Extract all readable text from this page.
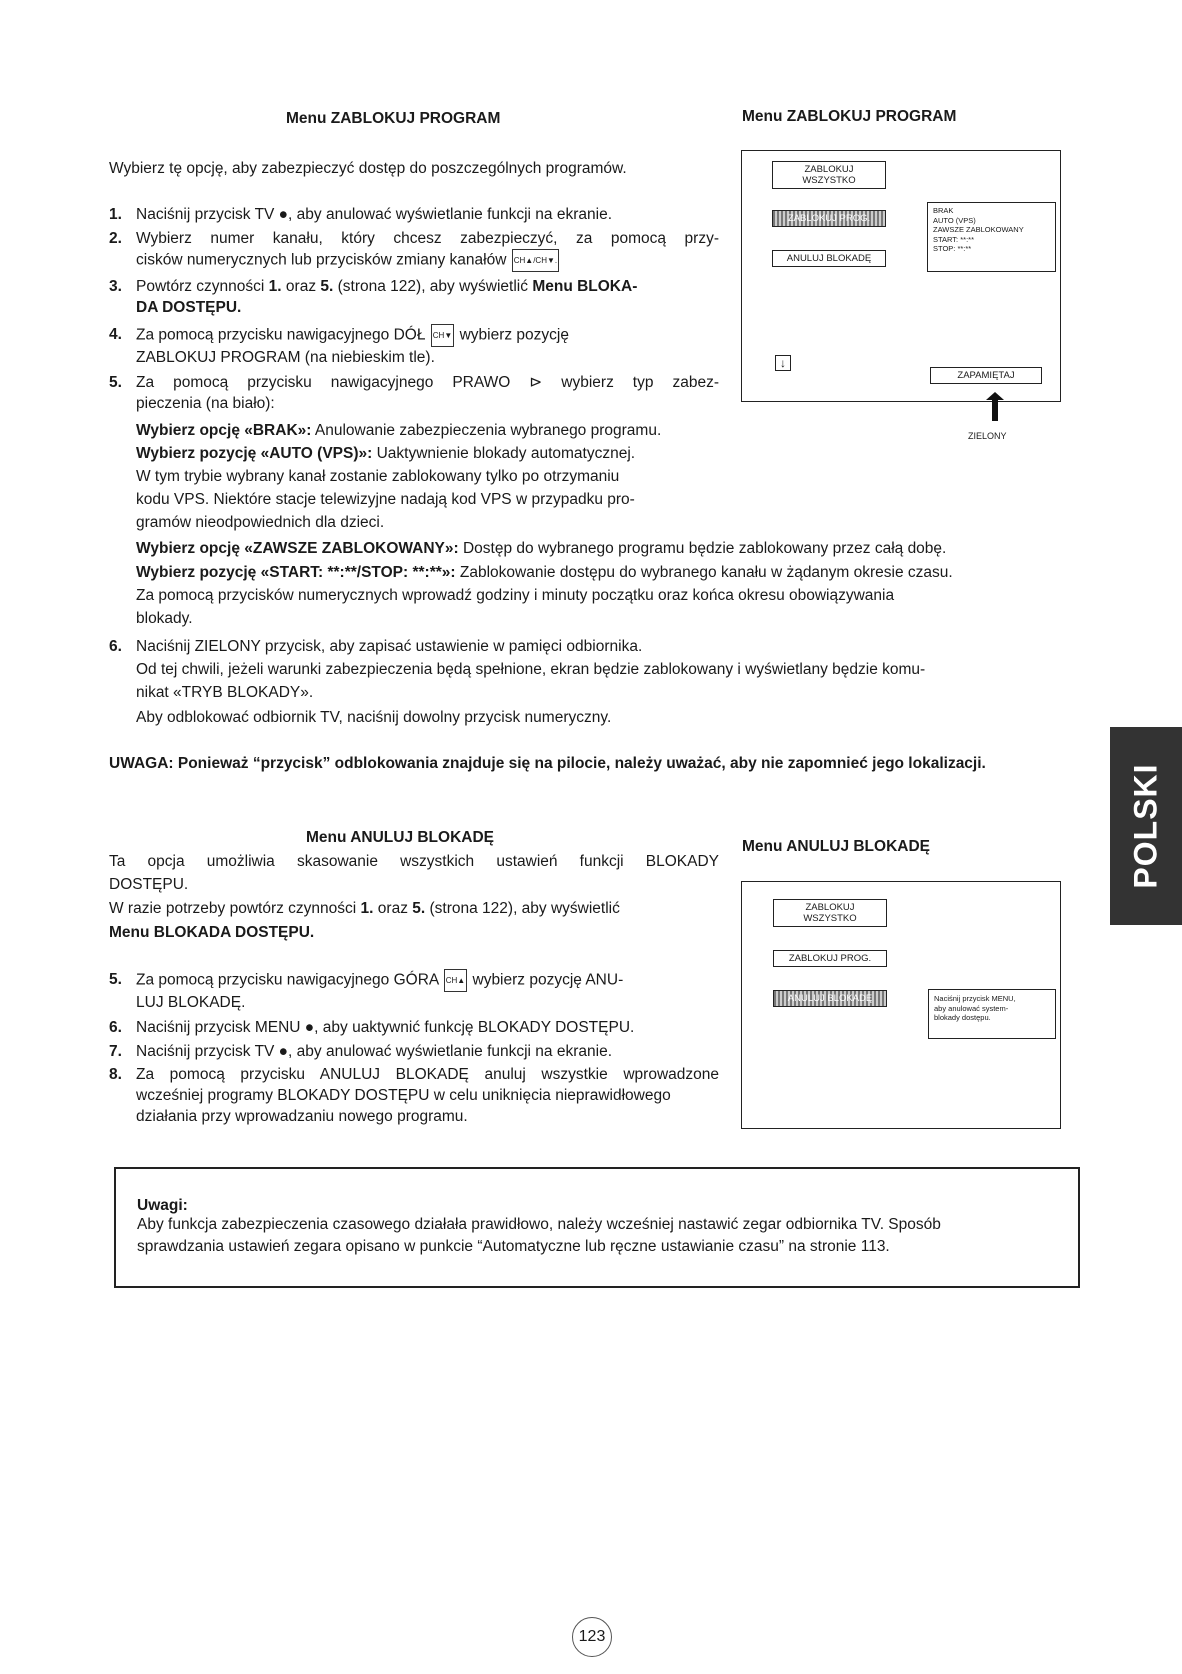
Menu ZABLOKUJ PROGRAM
Wybierz tę opcję, aby zabezpieczyć dostęp do poszczególnych programów.
1. Naciśnij przycisk TV ●, aby anulować wyświetlanie funkcji na ekranie.
2. Wybierz numer kanału, który chcesz zabezpieczyć, za pomocą przy-
cisków numerycznych lub przycisków zmiany kanałów CH▲/CH▼.
3. Powtórz czynności 1. oraz 5. (strona 122), aby wyświetlić Menu BLOKA-
DA DOSTĘPU.
4. Za pomocą przycisku nawigacyjnego DÓŁ CH▼ wybierz pozycję
ZABLOKUJ PROGRAM (na niebieskim tle).
5. Za pomocą przycisku nawigacyjnego PRAWO ⊳ wybierz typ zabez-
pieczenia (na biało):
Wybierz opcję «BRAK»: Anulowanie zabezpieczenia wybranego programu.
Wybierz pozycję «AUTO (VPS)»: Uaktywnienie blokady automatycznej.
W tym trybie wybrany kanał zostanie zablokowany tylko po otrzymaniu
kodu VPS. Niektóre stacje telewizyjne nadają kod VPS w przypadku pro-
gramów nieodpowiednich dla dzieci.
Wybierz opcję «ZAWSZE ZABLOKOWANY»: Dostęp do wybranego programu będzie zablokowany przez całą dobę.
Wybierz pozycję «START: **:**/STOP: **:**»: Zablokowanie dostępu do wybranego kanału w żądanym okresie czasu.
Za pomocą przycisków numerycznych wprowadź godziny i minuty początku oraz końca okresu obowiązywania
blokady.
6. Naciśnij ZIELONY przycisk, aby zapisać ustawienie w pamięci odbiornika.
Od tej chwili, jeżeli warunki zabezpieczenia będą spełnione, ekran będzie zablokowany i wyświetlany będzie komu-
nikat «TRYB BLOKADY».
Aby odblokować odbiornik TV, naciśnij dowolny przycisk numeryczny.
UWAGA: Ponieważ “przycisk” odblokowania znajduje się na pilocie, należy uważać, aby nie zapomnieć jego lokalizacji.
Menu ZABLOKUJ PROGRAM
ZABLOKUJ
WSZYSTKO
ZABLOKUJ PROG.
ANULUJ BLOKADĘ
BRAK
AUTO (VPS)
ZAWSZE ZABLOKOWANY
START: **:**
STOP: **:**
↓
ZAPAMIĘTAJ
ZIELONY
Menu ANULUJ BLOKADĘ
Ta opcja umożliwia skasowanie wszystkich ustawień funkcji BLOKADY
DOSTĘPU.
W razie potrzeby powtórz czynności 1. oraz 5. (strona 122), aby wyświetlić
Menu BLOKADA DOSTĘPU.
5. Za pomocą przycisku nawigacyjnego GÓRA CH▲ wybierz pozycję ANU-
LUJ BLOKADĘ.
6. Naciśnij przycisk MENU ●, aby uaktywnić funkcję BLOKADY DOSTĘPU.
7. Naciśnij przycisk TV ●, aby anulować wyświetlanie funkcji na ekranie.
8. Za pomocą przycisku ANULUJ BLOKADĘ anuluj wszystkie wprowadzone
wcześniej programy BLOKADY DOSTĘPU w celu uniknięcia nieprawidłowego
działania przy wprowadzaniu nowego programu.
Menu ANULUJ BLOKADĘ
ZABLOKUJ
WSZYSTKO
ZABLOKUJ PROG.
ANULUJ BLOKADĘ	Naciśnij przycisk MENU,
aby anulować system-
blokady dostępu.
POLSKI
Uwagi:
Aby funkcja zabezpieczenia czasowego działała prawidłowo, należy wcześniej nastawić zegar odbiornika TV. Sposób
sprawdzania ustawień zegara opisano w punkcie “Automatyczne lub ręczne ustawianie czasu” na stronie 113.
123
